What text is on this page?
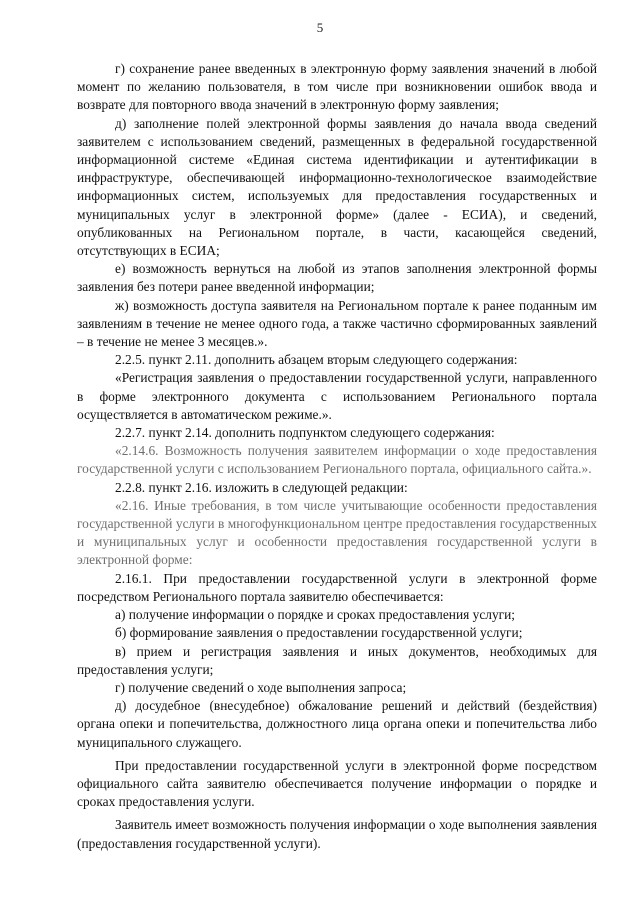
5

г) сохранение ранее введенных в электронную форму заявления значений в любой момент по желанию пользователя, в том числе при возникновении ошибок ввода и возврате для повторного ввода значений в электронную форму заявления;

д) заполнение полей электронной формы заявления до начала ввода сведений заявителем с использованием сведений, размещенных в федеральной государственной информационной системе «Единая система идентификации и аутентификации в инфраструктуре, обеспечивающей информационно-технологическое взаимодействие информационных систем, используемых для предоставления государственных и муниципальных услуг в электронной форме» (далее - ЕСИА), и сведений, опубликованных на Региональном портале, в части, касающейся сведений, отсутствующих в ЕСИА;

е) возможность вернуться на любой из этапов заполнения электронной формы заявления без потери ранее введенной информации;

ж) возможность доступа заявителя на Региональном портале к ранее поданным им заявлениям в течение не менее одного года, а также частично сформированных заявлений – в течение не менее 3 месяцев.».

2.2.5. пункт 2.11. дополнить абзацем вторым следующего содержания:

«Регистрация заявления о предоставлении государственной услуги, направленного в форме электронного документа с использованием Регионального портала осуществляется в автоматическом режиме.».

2.2.7. пункт 2.14. дополнить подпунктом следующего содержания:

«2.14.6. Возможность получения заявителем информации о ходе предоставления государственной услуги с использованием Регионального портала, официального сайта.».

2.2.8. пункт 2.16. изложить в следующей редакции:

«2.16. Иные требования, в том числе учитывающие особенности предоставления государственной услуги в многофункциональном центре предоставления государственных и муниципальных услуг и особенности предоставления государственной услуги в электронной форме:

2.16.1. При предоставлении государственной услуги в электронной форме посредством Регионального портала заявителю обеспечивается:

а) получение информации о порядке и сроках предоставления услуги;

б) формирование заявления о предоставлении государственной услуги;

в) прием и регистрация заявления и иных документов, необходимых для предоставления услуги;

г) получение сведений о ходе выполнения запроса;

д) досудебное (внесудебное) обжалование решений и действий (бездействия) органа опеки и попечительства, должностного лица органа опеки и попечительства либо муниципального служащего.

При предоставлении государственной услуги в электронной форме посредством официального сайта заявителю обеспечивается получение информации о порядке и сроках предоставления услуги.

Заявитель имеет возможность получения информации о ходе выполнения заявления (предоставления государственной услуги).
